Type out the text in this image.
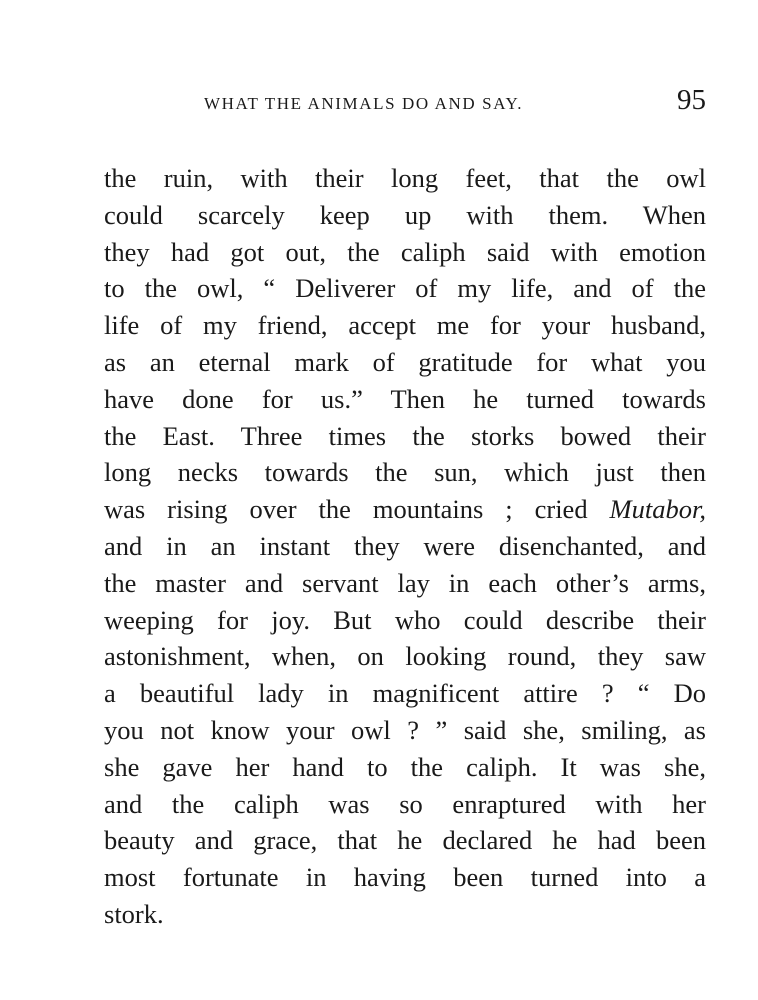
WHAT THE ANIMALS DO AND SAY.	95
the ruin, with their long feet, that the owl
could scarcely keep up with them. When
they had got out, the caliph said with emotion
to the owl, “ Deliverer of my life, and of the
life of my friend, accept me for your husband,
as an eternal mark of gratitude for what you
have done for us.” Then he turned towards
the East. Three times the storks bowed their
long necks towards the sun, which just then
was rising over the mountains ; cried Mutabor,
and in an instant they were disenchanted, and
the master and servant lay in each other’s arms,
weeping for joy. But who could describe their
astonishment, when, on looking round, they saw
a beautiful lady in magnificent attire ? “ Do
you not know your owl ? ” said she, smiling, as
she gave her hand to the caliph. It was she,
and the caliph was so enraptured with her
beauty and grace, that he declared he had been
most fortunate in having been turned into a
stork.
